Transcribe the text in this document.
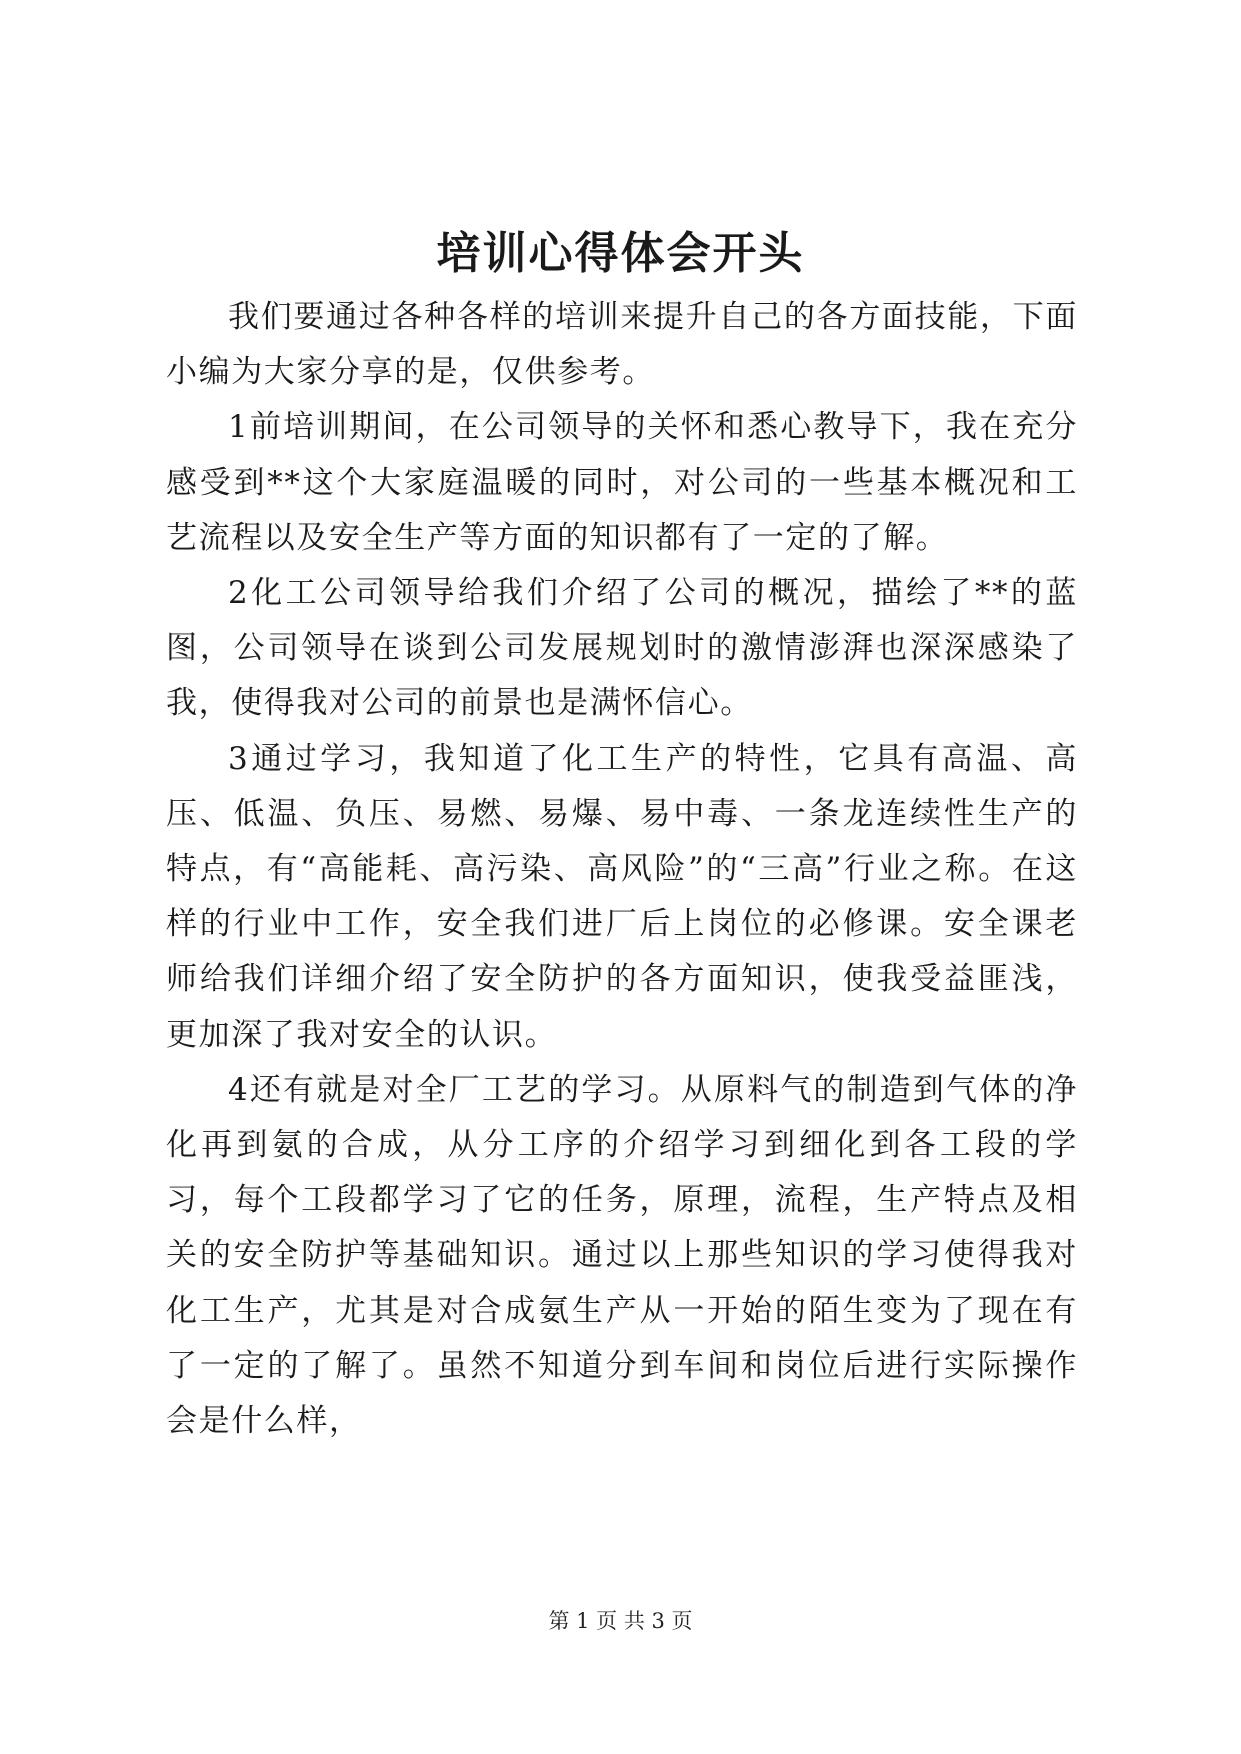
培训心得体会开头

我们要通过各种各样的培训来提升自己的各方面技能，下面小编为大家分享的是，仅供参考。

1前培训期间，在公司领导的关怀和悉心教导下，我在充分感受到**这个大家庭温暖的同时，对公司的一些基本概况和工艺流程以及安全生产等方面的知识都有了一定的了解。

2化工公司领导给我们介绍了公司的概况，描绘了**的蓝图，公司领导在谈到公司发展规划时的激情澎湃也深深感染了我，使得我对公司的前景也是满怀信心。

3通过学习，我知道了化工生产的特性，它具有高温、高压、低温、负压、易燃、易爆、易中毒、一条龙连续性生产的特点，有“高能耗、高污染、高风险”的“三高”行业之称。在这样的行业中工作，安全我们进厂后上岗位的必修课。安全课老师给我们详细介绍了安全防护的各方面知识，使我受益匪浅，更加深了我对安全的认识。

4还有就是对全厂工艺的学习。从原料气的制造到气体的净化再到氨的合成，从分工序的介绍学习到细化到各工段的学习，每个工段都学习了它的任务，原理，流程，生产特点及相关的安全防护等基础知识。通过以上那些知识的学习使得我对化工生产，尤其是对合成氨生产从一开始的陌生变为了现在有了一定的了解了。虽然不知道分到车间和岗位后进行实际操作会是什么样，

第 1 页 共 3 页
